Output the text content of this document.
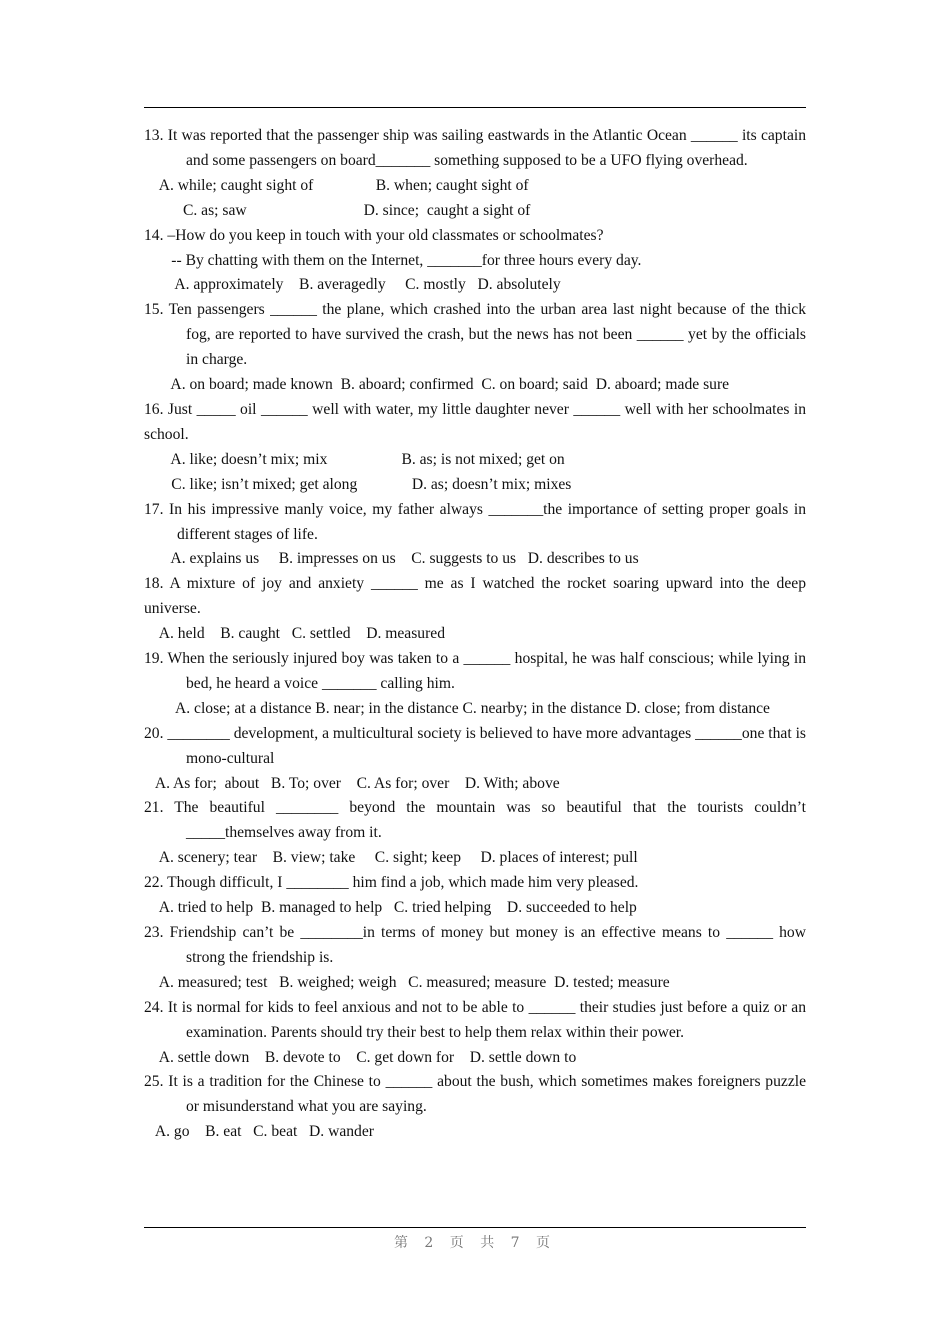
13. It was reported that the passenger ship was sailing eastwards in the Atlantic Ocean ______ its captain and some passengers on board_______ something supposed to be a UFO flying overhead.
A. while; caught sight of                B. when; caught sight of
C. as; saw                              D. since;  caught a sight of
14. –How do you keep in touch with your old classmates or schoolmates?
-- By chatting with them on the Internet, _______for three hours every day.
A. approximately    B. averagedly     C. mostly   D. absolutely
15. Ten passengers ______ the plane, which crashed into the urban area last night because of the thick fog, are reported to have survived the crash, but the news has not been ______ yet by the officials in charge.
A. on board; made known  B. aboard; confirmed  C. on board; said  D. aboard; made sure
16. Just _____ oil ______ well with water, my little daughter never ______ well with her schoolmates in school.
A. like; doesn’t mix; mix                   B. as; is not mixed; get on
C. like; isn’t mixed; get along              D. as; doesn’t mix; mixes
17. In his impressive manly voice, my father always _______the importance of setting proper goals in different stages of life.
A. explains us     B. impresses on us    C. suggests to us   D. describes to us
18. A mixture of joy and anxiety ______ me as I watched the rocket soaring upward into the deep universe.
A. held    B. caught   C. settled    D. measured
19. When the seriously injured boy was taken to a ______ hospital, he was half conscious; while lying in bed, he heard a voice _______ calling him.
A. close; at a distance B. near; in the distance C. nearby; in the distance D. close; from distance
20. ________ development, a multicultural society is believed to have more advantages ______one that is mono-cultural
A. As for;  about   B. To; over    C. As for; over    D. With; above
21. The beautiful ________ beyond the mountain was so beautiful that the tourists couldn’t _____themselves away from it.
A. scenery; tear    B. view; take     C. sight; keep     D. places of interest; pull
22. Though difficult, I ________ him find a job, which made him very pleased.
A. tried to help  B. managed to help   C. tried helping    D. succeeded to help
23. Friendship can’t be ________in terms of money but money is an effective means to ______ how strong the friendship is.
A. measured; test   B. weighed; weigh   C. measured; measure  D. tested; measure
24. It is normal for kids to feel anxious and not to be able to ______ their studies just before a quiz or an examination. Parents should try their best to help them relax within their power.
A. settle down    B. devote to    C. get down for    D. settle down to
25. It is a tradition for the Chinese to ______ about the bush, which sometimes makes foreigners puzzle or misunderstand what you are saying.
A. go    B. eat   C. beat   D. wander
第 2 页 共 7 页
